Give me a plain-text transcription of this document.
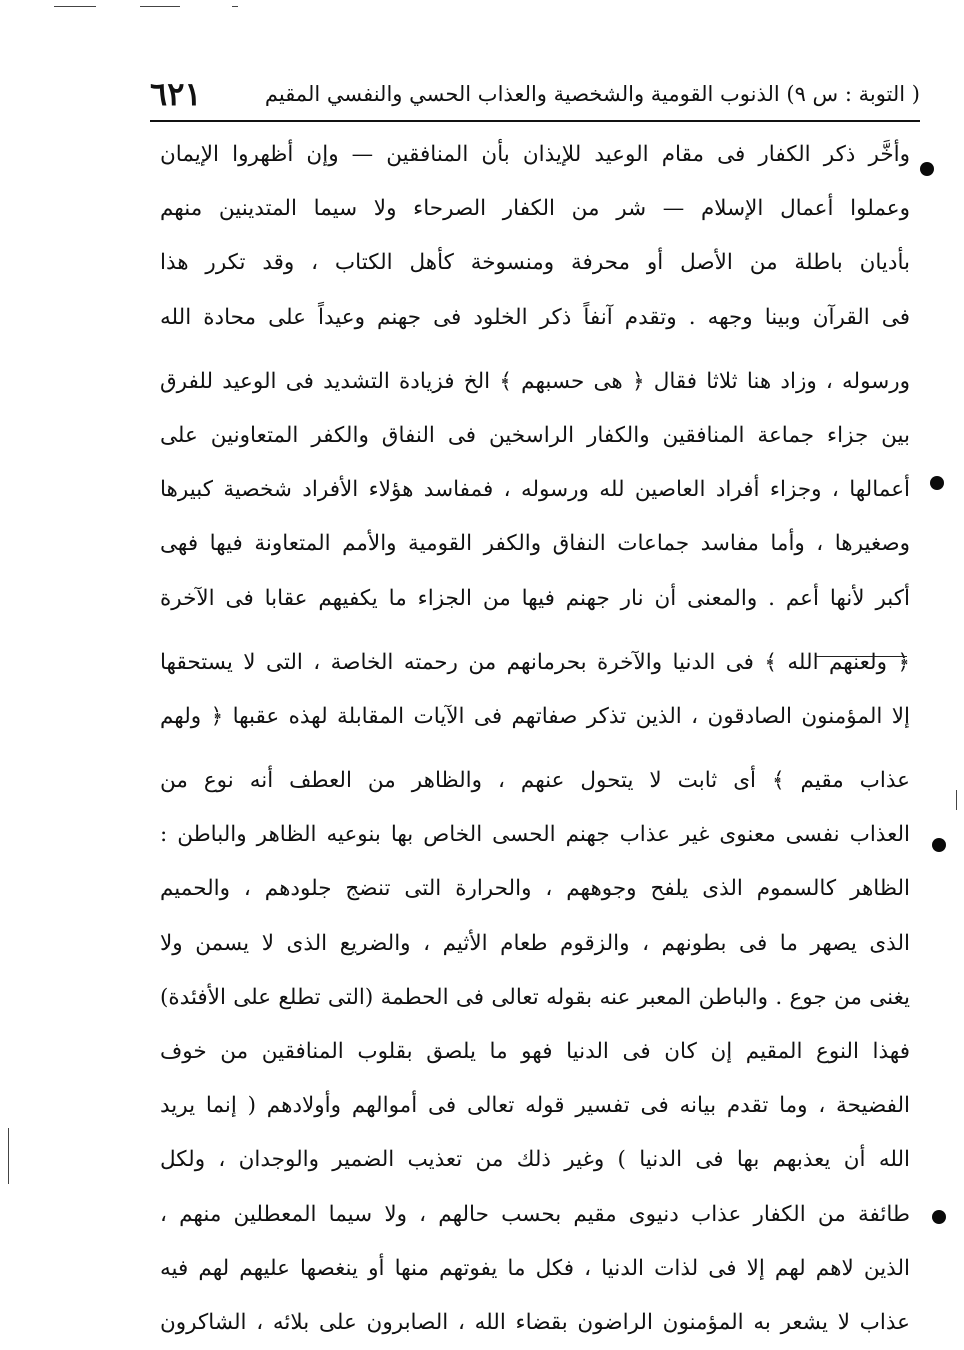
( التوبة : س ٩) الذنوب القومية والشخصية والعذاب الحسي والنفسي المقيم
٦٢١
وأخَّر ذكر الكفار فى مقام الوعيد للإيذان بأن المنافقين — وإن أظهروا الإيمان
وعملوا أعمال الإسلام — شر من الكفار الصرحاء ولا سيما المتدينين منهم
بأديان باطلة من الأصل أو محرفة ومنسوخة كأهل الكتاب ، وقد تكرر هذا
فى القرآن وبينا وجهه . وتقدم آنفاً ذكر الخلود فى جهنم وعيداً على محادة الله
ورسوله ، وزاد هنا ثلاثا فقال ﴿ هى حسبهم ﴾ الخ فزيادة التشديد فى الوعيد للفرق
بين جزاء جماعة المنافقين والكفار الراسخين فى النفاق والكفر المتعاونين على
أعمالها ، وجزاء أفراد العاصين لله ورسوله ، فمفاسد هؤلاء الأفراد شخصية كبيرها
وصغيرها ، وأما مفاسد جماعات النفاق والكفر القومية والأمم المتعاونة فيها فهى
أكبر لأنها أعم . والمعنى أن نار جهنم فيها من الجزاء ما يكفيهم عقابا فى الآخرة
﴿ ولعنهم الله ﴾ فى الدنيا والآخرة بحرمانهم من رحمته الخاصة ، التى لا يستحقها
إلا المؤمنون الصادقون ، الذين تذكر صفاتهم فى الآيات المقابلة لهذه عقبها ﴿ ولهم
عذاب مقيم ﴾ أى ثابت لا يتحول عنهم ، والظاهر من العطف أنه نوع من
العذاب نفسى معنوى غير عذاب جهنم الحسى الخاص بها بنوعيه الظاهر والباطن :
الظاهر كالسموم الذى يلفح وجوههم ، والحرارة التى تنضج جلودهم ، والحميم
الذى يصهر ما فى بطونهم ، والزقوم طعام الأثيم ، والضريع الذى لا يسمن ولا
يغنى من جوع . والباطن المعبر عنه بقوله تعالى فى الحطمة (التى تطلع على الأفئدة)
فهذا النوع المقيم إن كان فى الدنيا فهو ما يلصق بقلوب المنافقين من خوف
الفضيحة ، وما تقدم بيانه فى تفسير قوله تعالى فى أموالهم وأولادهم ( إنما يريد
الله أن يعذبهم بها فى الدنيا ) وغير ذلك من تعذيب الضمير والوجدان ، ولكل
طائفة من الكفار عذاب دنيوى مقيم بحسب حالهم ، ولا سيما المعطلين منهم ،
الذين لاهم لهم إلا فى لذات الدنيا ، فكل ما يفوتهم منها أو ينغصها عليهم لهم فيه
عذاب لا يشعر به المؤمنون الراضون بقضاء الله ، الصابرون على بلائه ، الشاكرون
